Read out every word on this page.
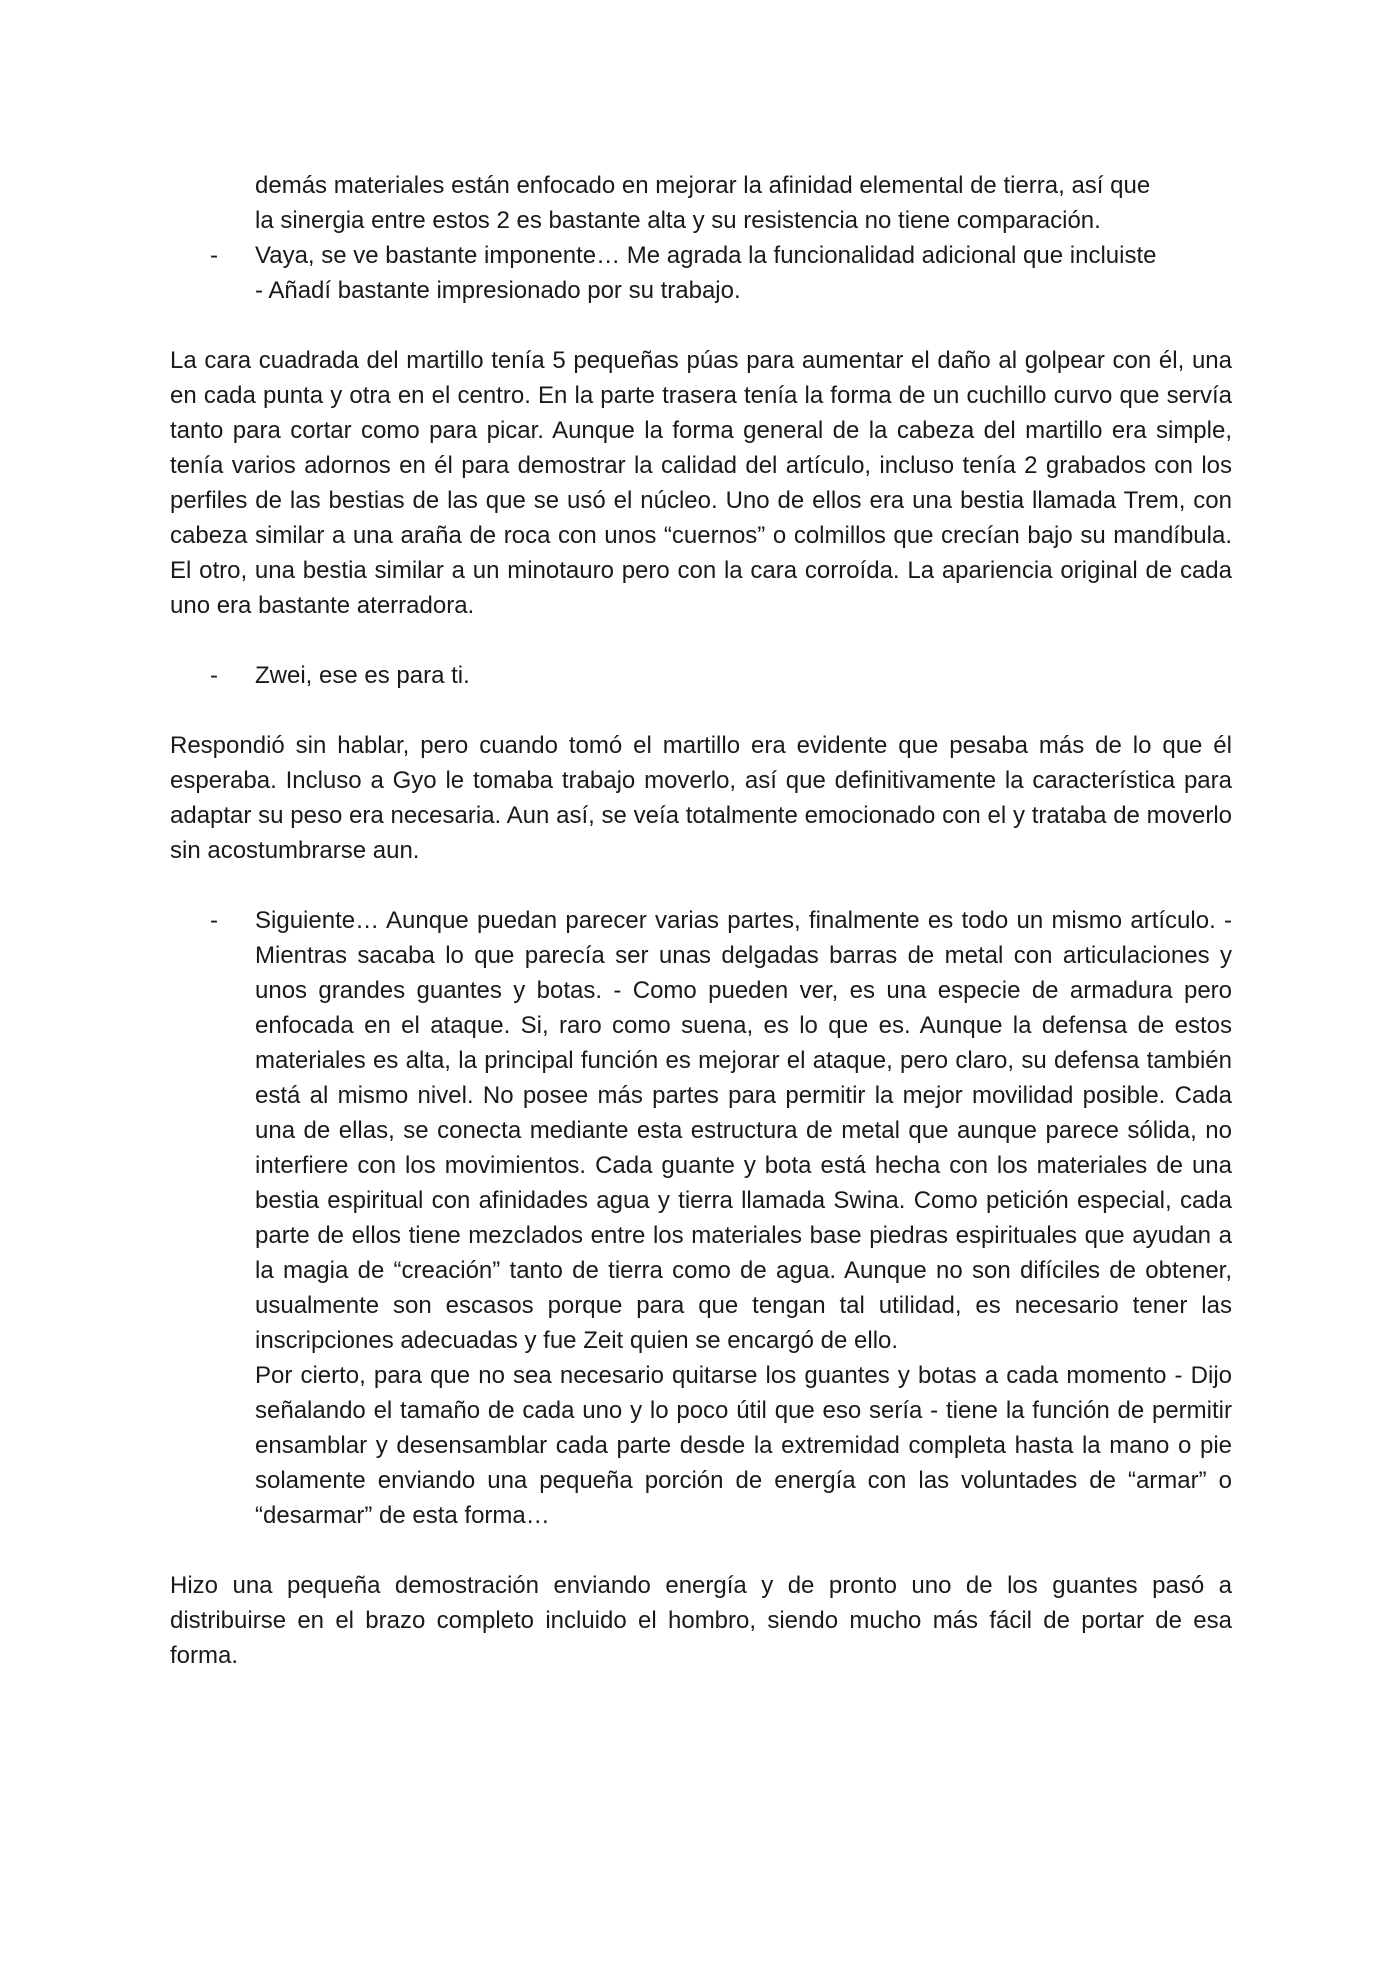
demás materiales están enfocado en mejorar la afinidad elemental de tierra, así que
la sinergia entre estos 2 es bastante alta y su resistencia no tiene comparación.
- Vaya, se ve bastante imponente… Me agrada la funcionalidad adicional que incluiste
- Añadí bastante impresionado por su trabajo.

La cara cuadrada del martillo tenía 5 pequeñas púas para aumentar el daño al golpear con él, una en cada punta y otra en el centro. En la parte trasera tenía la forma de un cuchillo curvo que servía tanto para cortar como para picar. Aunque la forma general de la cabeza del martillo era simple, tenía varios adornos en él para demostrar la calidad del artículo, incluso tenía 2 grabados con los perfiles de las bestias de las que se usó el núcleo. Uno de ellos era una bestia llamada Trem, con cabeza similar a una araña de roca con unos “cuernos” o colmillos que crecían bajo su mandíbula. El otro, una bestia similar a un minotauro pero con la cara corroída. La apariencia original de cada uno era bastante aterradora.

- Zwei, ese es para ti.

Respondió sin hablar, pero cuando tomó el martillo era evidente que pesaba más de lo que él esperaba. Incluso a Gyo le tomaba trabajo moverlo, así que definitivamente la característica para adaptar su peso era necesaria. Aun así, se veía totalmente emocionado con el y trataba de moverlo sin acostumbrarse aun.

- Siguiente… Aunque puedan parecer varias partes, finalmente es todo un mismo artículo. - Mientras sacaba lo que parecía ser unas delgadas barras de metal con articulaciones y unos grandes guantes y botas. - Como pueden ver, es una especie de armadura pero enfocada en el ataque. Si, raro como suena, es lo que es. Aunque la defensa de estos materiales es alta, la principal función es mejorar el ataque, pero claro, su defensa también está al mismo nivel. No posee más partes para permitir la mejor movilidad posible. Cada una de ellas, se conecta mediante esta estructura de metal que aunque parece sólida, no interfiere con los movimientos. Cada guante y bota está hecha con los materiales de una bestia espiritual con afinidades agua y tierra llamada Swina. Como petición especial, cada parte de ellos tiene mezclados entre los materiales base piedras espirituales que ayudan a la magia de “creación” tanto de tierra como de agua. Aunque no son difíciles de obtener, usualmente son escasos porque para que tengan tal utilidad, es necesario tener las inscripciones adecuadas y fue Zeit quien se encargó de ello.
Por cierto, para que no sea necesario quitarse los guantes y botas a cada momento - Dijo señalando el tamaño de cada uno y lo poco útil que eso sería - tiene la función de permitir ensamblar y desensamblar cada parte desde la extremidad completa hasta la mano o pie solamente enviando una pequeña porción de energía con las voluntades de “armar” o “desarmar” de esta forma…

Hizo una pequeña demostración enviando energía y de pronto uno de los guantes pasó a distribuirse en el brazo completo incluido el hombro, siendo mucho más fácil de portar de esa forma.
